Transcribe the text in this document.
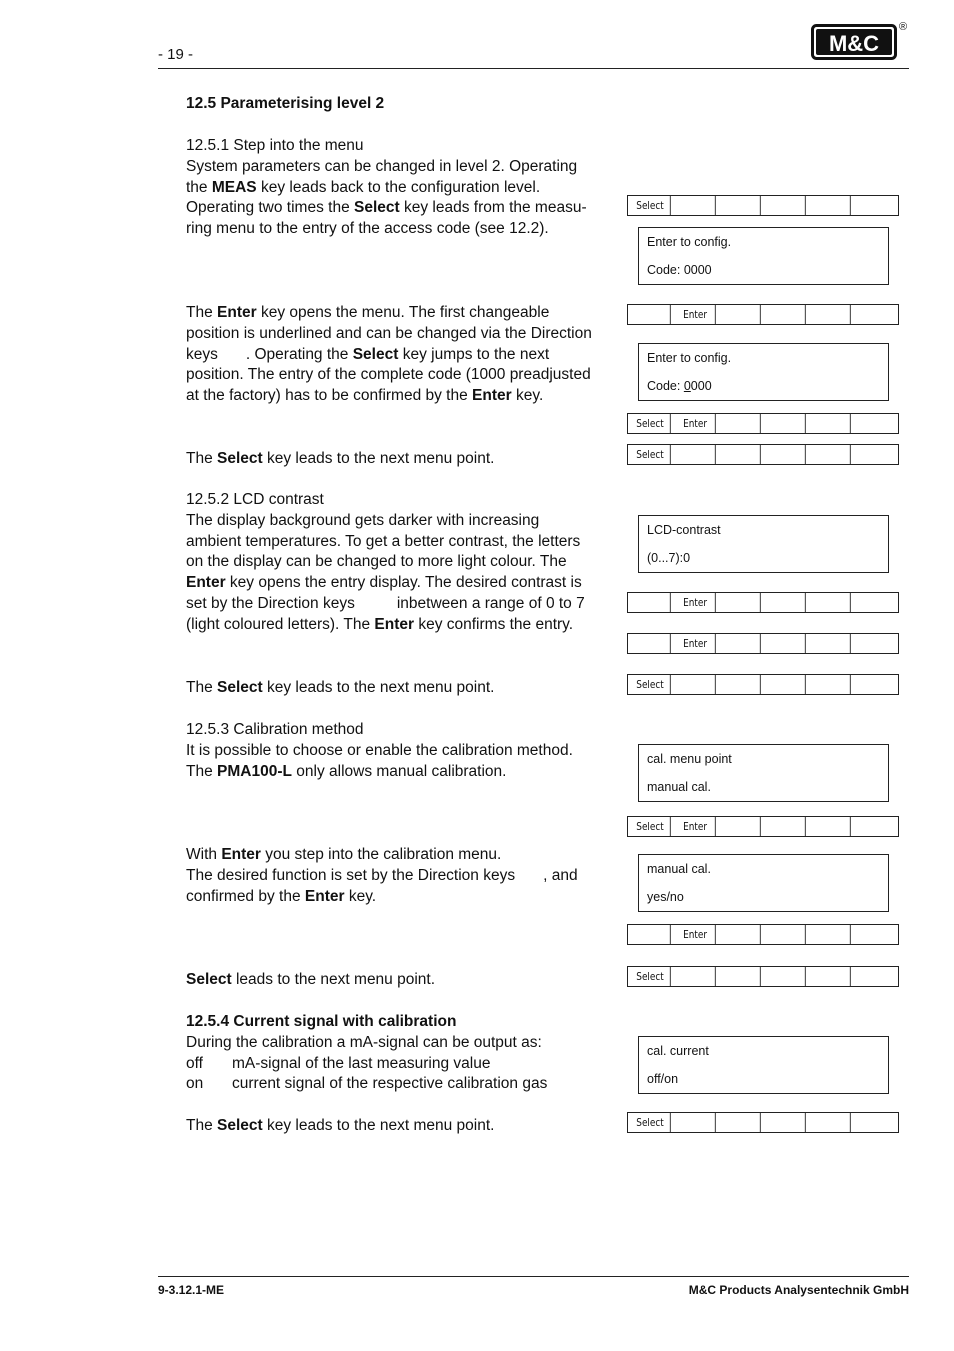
- 19 -	M&C
®
12.5 Parameterising level 2
12.5.1 Step into the menu
System parameters can be changed in level 2. Operating
the MEAS key leads back to the configuration level.
Operating two times the Select key leads from the measu-
ring menu to the entry of the access code (see 12.2).
The Enter key opens the menu. The first changeable
position is underlined and can be changed via the Direction
keys . Operating the Select key jumps to the next
position. The entry of the complete code (1000 preadjusted
at the factory) has to be confirmed by the Enter key.
The Select key leads to the next menu point.
12.5.2 LCD contrast
The display background gets darker with increasing
ambient temperatures. To get a better contrast, the letters
on the display can be changed to more light colour. The
Enter key opens the entry display. The desired contrast is
set by the Direction keys	inbetween a range of 0 to 7
(light coloured letters). The Enter key confirms the entry.
The Select key leads to the next menu point.
12.5.3 Calibration method
It is possible to choose or enable the calibration method.
The PMA100-L only allows manual calibration.
With Enter you step into the calibration menu.
The desired function is set by the Direction keys , and
confirmed by the Enter key.
Select leads to the next menu point.
12.5.4 Current signal with calibration
During the calibration a mA-signal can be output as:
off mA-signal of the last measuring value
on current signal of the respective calibration gas
The Select key leads to the next menu point.
Select
Enter to config.
Code: 0000
Enter
Enter to config.
Code: 0000
Select	Enter
Select
LCD-contrast
(0...7):0
Enter
Enter
Select
cal. menu point
manual cal.
Select	Enter
manual cal.
yes/no
Enter
Select
cal. current
off/on
Select
9-3.12.1-ME	M&C Products Analysentechnik GmbH
